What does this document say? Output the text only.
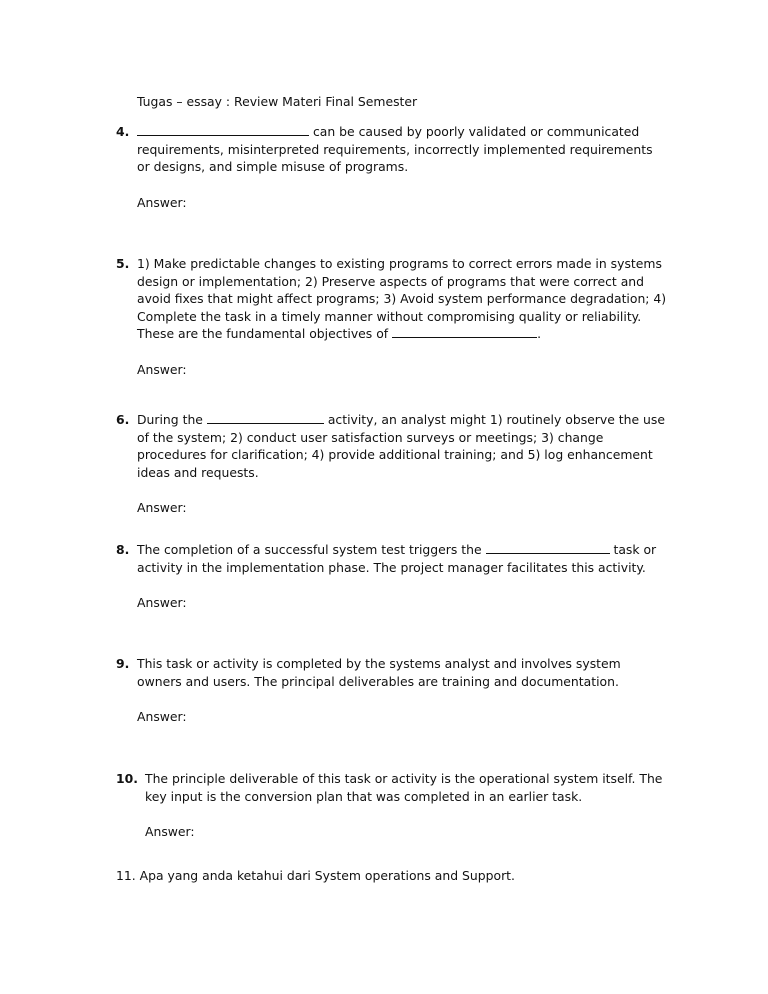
Tugas – essay : Review Materi Final Semester
4.	can be caused by poorly validated or communicated requirements, misinterpreted requirements, incorrectly implemented requirements or designs, and simple misuse of programs.
Answer:
5. 1) Make predictable changes to existing programs to correct errors made in systems design or implementation; 2) Preserve aspects of programs that were correct and avoid fixes that might affect programs; 3) Avoid system performance degradation; 4) Complete the task in a timely manner without compromising quality or reliability. These are the fundamental objectives of	.
Answer:
6. During the	activity, an analyst might 1) routinely observe the use of the system; 2) conduct user satisfaction surveys or meetings; 3) change procedures for clarification; 4) provide additional training; and 5) log enhancement ideas and requests.
Answer:
8. The completion of a successful system test triggers the	task or activity in the implementation phase. The project manager facilitates this activity.
Answer:
9. This task or activity is completed by the systems analyst and involves system owners and users. The principal deliverables are training and documentation.
Answer:
10. The principle deliverable of this task or activity is the operational system itself. The key input is the conversion plan that was completed in an earlier task.
Answer:
11. Apa yang anda ketahui dari System operations and Support.
